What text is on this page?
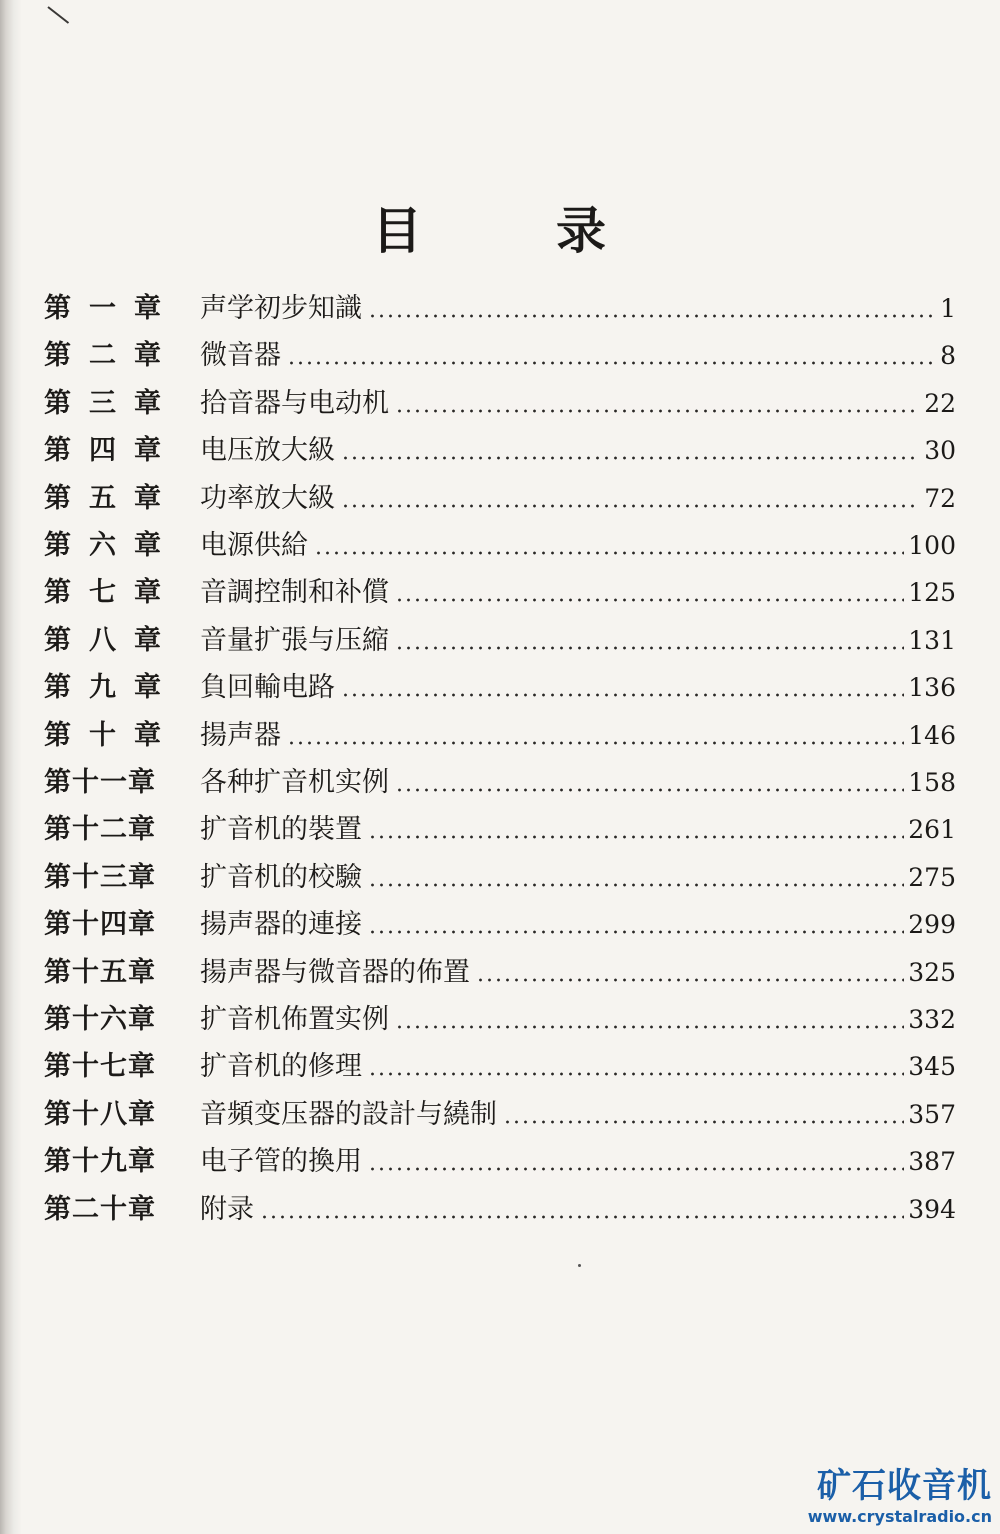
目	录
第一章 声学初步知識	1
第二章 微音器	8
第三章 拾音器与电动机	22
第四章 电压放大級	30
第五章 功率放大級	72
第六章 电源供給	100
第七章 音調控制和补償	125
第八章 音量扩張与压縮	131
第九章 負回輸电路	136
第十章 揚声器	146
第十一章	各种扩音机实例	158
第十二章	扩音机的裝置	261
第十三章	扩音机的校驗	275
第十四章	揚声器的連接	299
第十五章	揚声器与微音器的佈置	325
第十六章	扩音机佈置实例	332
第十七章	扩音机的修理	345
第十八章	音頻变压器的設計与繞制	357
第十九章	电子管的換用	387
第二十章	附录	394
矿石收音机
www.crystalradio.cn
